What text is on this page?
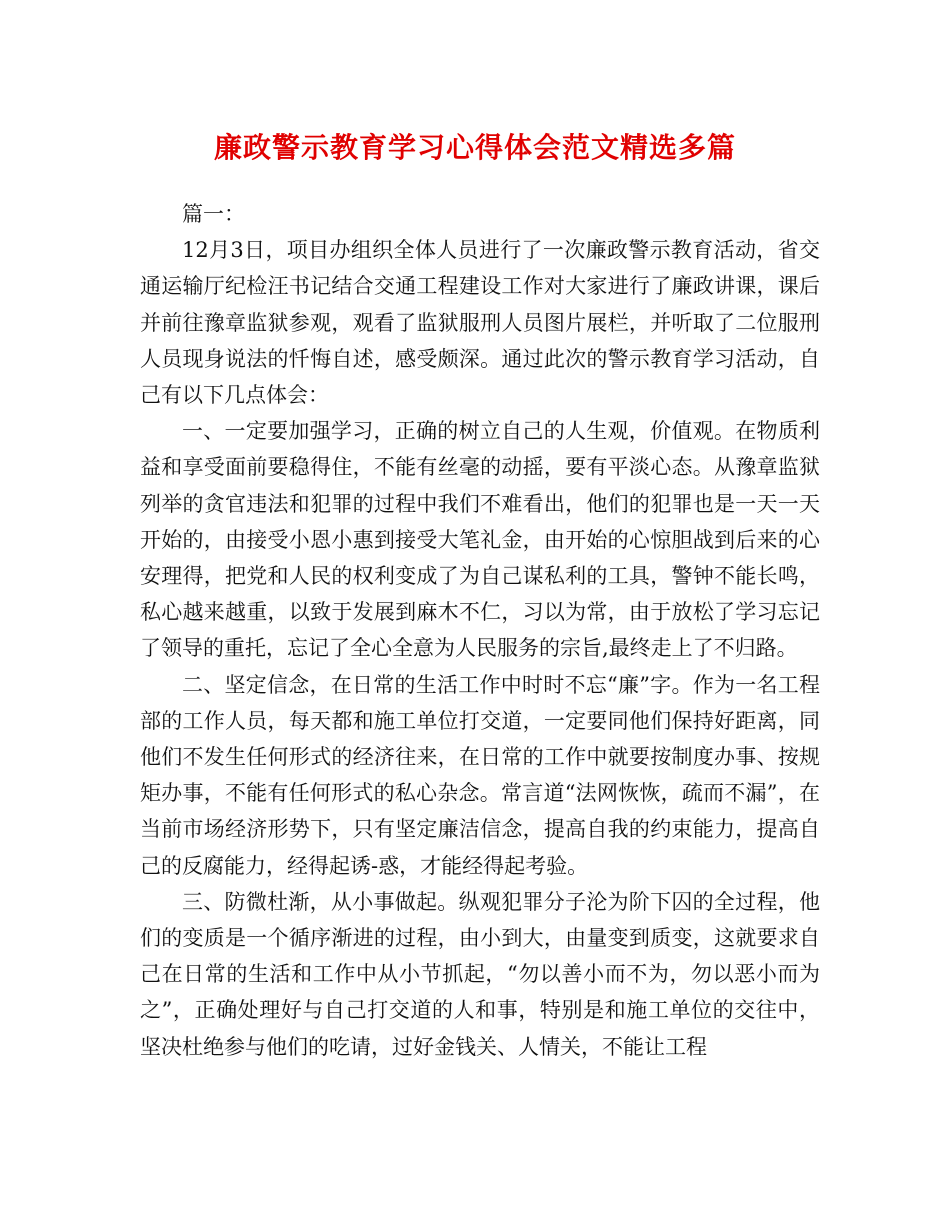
廉政警示教育学习心得体会范文精选多篇

篇一：

12月3日，项目办组织全体人员进行了一次廉政警示教育活动，省交通运输厅纪检汪书记结合交通工程建设工作对大家进行了廉政讲课，课后并前往豫章监狱参观，观看了监狱服刑人员图片展栏，并听取了二位服刑人员现身说法的忏悔自述，感受颇深。通过此次的警示教育学习活动，自己有以下几点体会：

一、一定要加强学习，正确的树立自己的人生观，价值观。在物质利益和享受面前要稳得住，不能有丝毫的动摇，要有平淡心态。从豫章监狱列举的贪官违法和犯罪的过程中我们不难看出，他们的犯罪也是一天一天开始的，由接受小恩小惠到接受大笔礼金，由开始的心惊胆战到后来的心安理得，把党和人民的权利变成了为自己谋私利的工具，警钟不能长鸣，私心越来越重，以致于发展到麻木不仁，习以为常，由于放松了学习忘记了领导的重托，忘记了全心全意为人民服务的宗旨,最终走上了不归路。

二、坚定信念，在日常的生活工作中时时不忘“廉”字。作为一名工程部的工作人员，每天都和施工单位打交道，一定要同他们保持好距离，同他们不发生任何形式的经济往来，在日常的工作中就要按制度办事、按规矩办事，不能有任何形式的私心杂念。常言道“法网恢恢，疏而不漏”，在当前市场经济形势下，只有坚定廉洁信念，提高自我的约束能力，提高自己的反腐能力，经得起诱-惑，才能经得起考验。

三、防微杜渐，从小事做起。纵观犯罪分子沦为阶下囚的全过程，他们的变质是一个循序渐进的过程，由小到大，由量变到质变，这就要求自己在日常的生活和工作中从小节抓起，“勿以善小而不为，勿以恶小而为之”，正确处理好与自己打交道的人和事，特别是和施工单位的交往中，坚决杜绝参与他们的吃请，过好金钱关、人情关，不能让工程
